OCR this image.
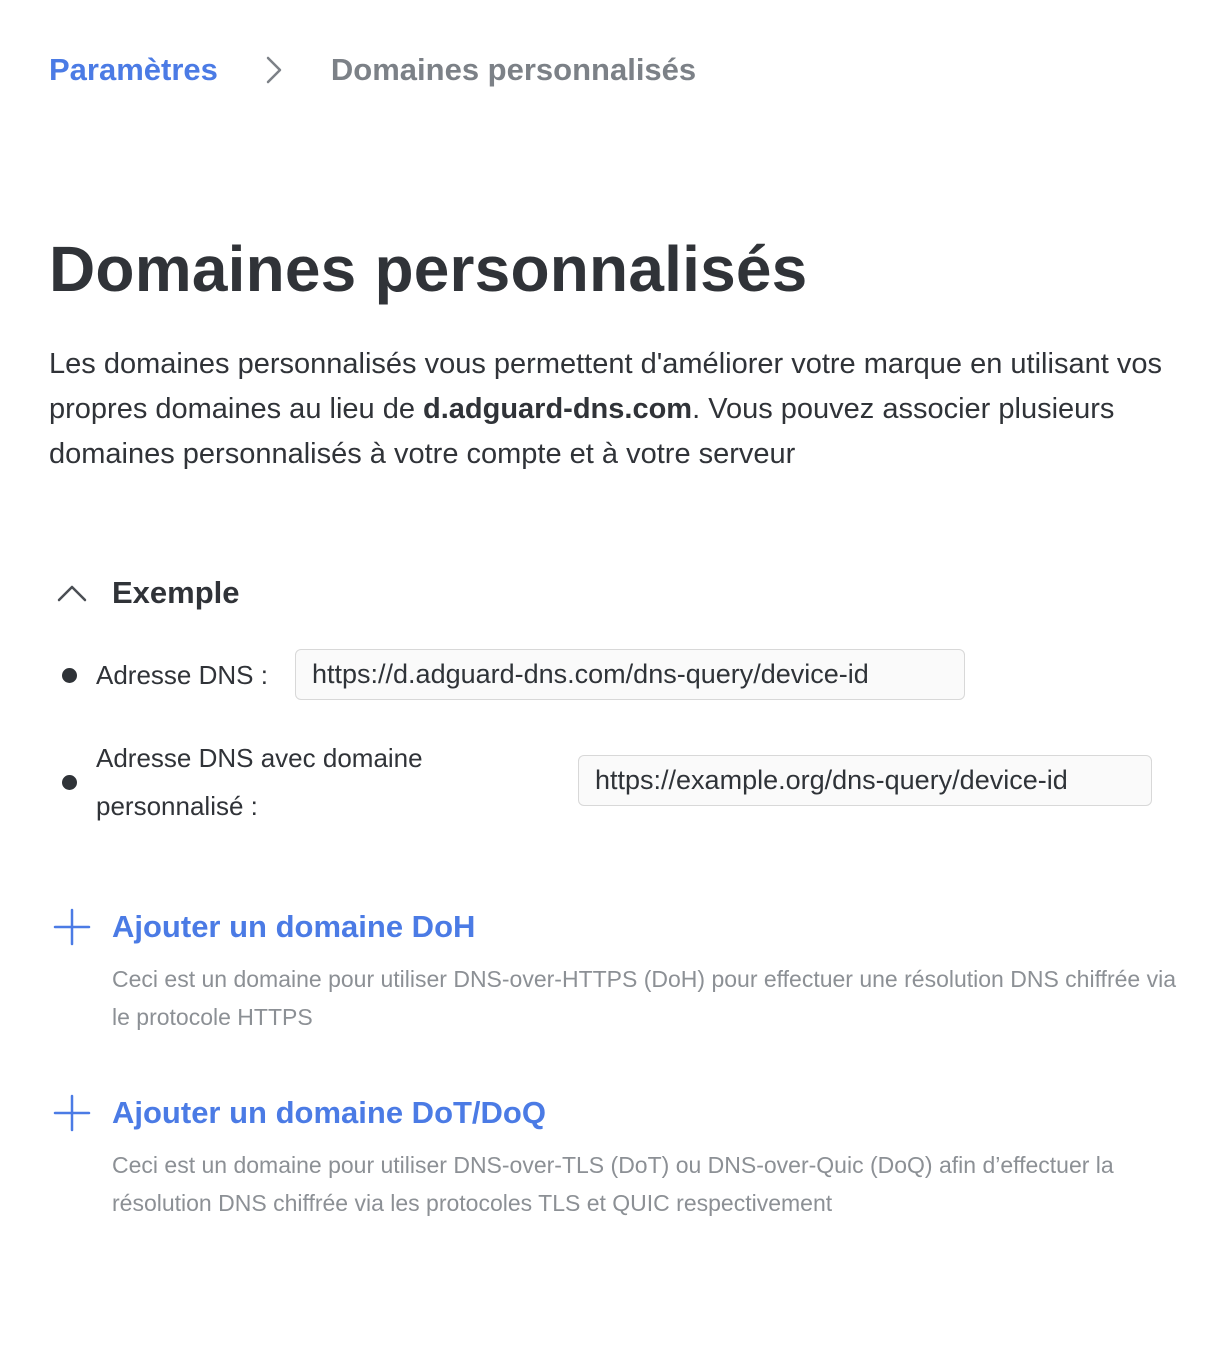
Paramètres	Domaines personnalisés
Domaines personnalisés

Les domaines personnalisés vous permettent d'améliorer votre marque en utilisant vos propres domaines au lieu de d.adguard-dns.com. Vous pouvez associer plusieurs domaines personnalisés à votre compte et à votre serveur

Exemple
Adresse DNS :	https://d.adguard-dns.com/dns-query/device-id
Adresse DNS avec domaine personnalisé :
https://example.org/dns-query/device-id
Ajouter un domaine DoH

Ceci est un domaine pour utiliser DNS-over-HTTPS (DoH) pour effectuer une résolution DNS chiffrée via le protocole HTTPS

Ajouter un domaine DoT/DoQ

Ceci est un domaine pour utiliser DNS-over-TLS (DoT) ou DNS-over-Quic (DoQ) afin d’effectuer la résolution DNS chiffrée via les protocoles TLS et QUIC respectivement
